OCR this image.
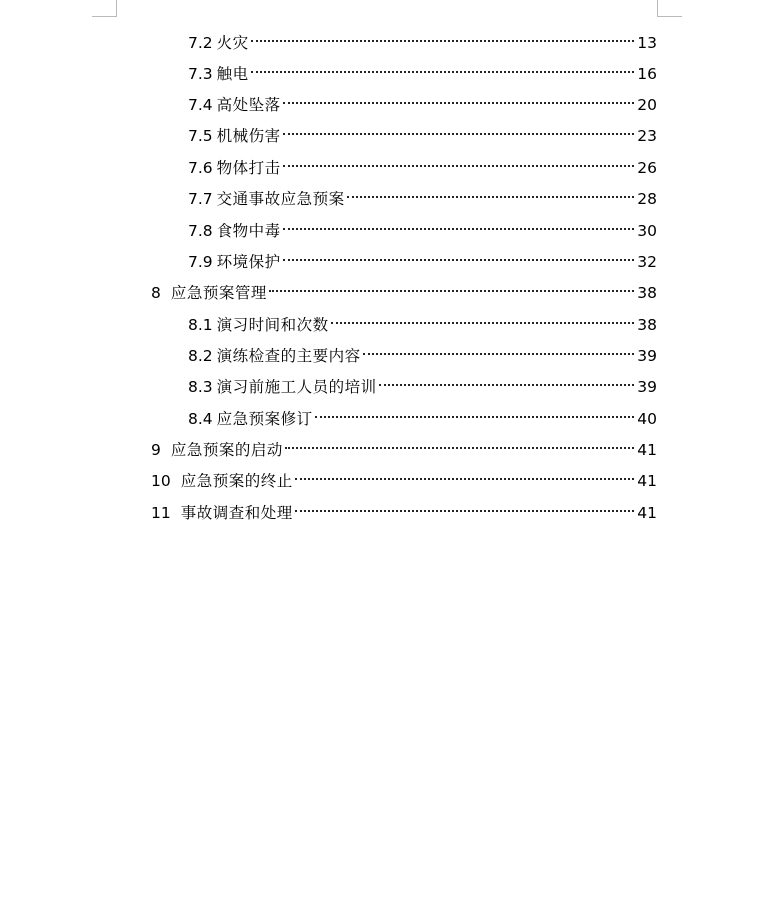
7.2 火灾	13
7.3 触电	16
7.4 高处坠落	20
7.5 机械伤害	23
7.6 物体打击	26
7.7 交通事故应急预案	28
7.8 食物中毒	30
7.9 环境保护	32
8 应急预案管理	38
8.1 演习时间和次数	38
8.2 演练检查的主要内容	39
8.3 演习前施工人员的培训	39
8.4 应急预案修订	40
9 应急预案的启动	41
10 应急预案的终止	41
11 事故调查和处理	41
